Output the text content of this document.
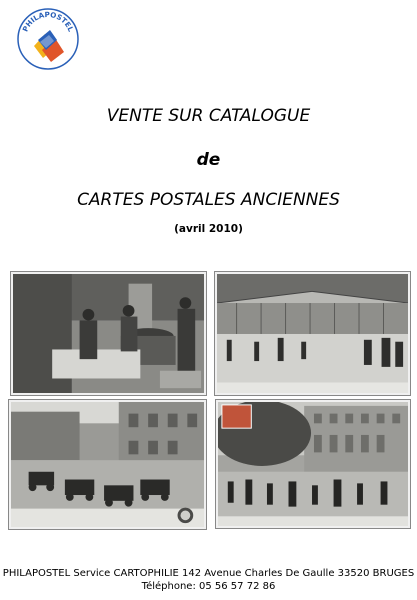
PHILAPOSTEL
VENTE SUR CATALOGUE
de
CARTES POSTALES ANCIENNES
(avril 2010)
PHILAPOSTEL Service CARTOPHILIE 142 Avenue Charles De Gaulle 33520 BRUGES
Téléphone: 05 56 57 72 86
